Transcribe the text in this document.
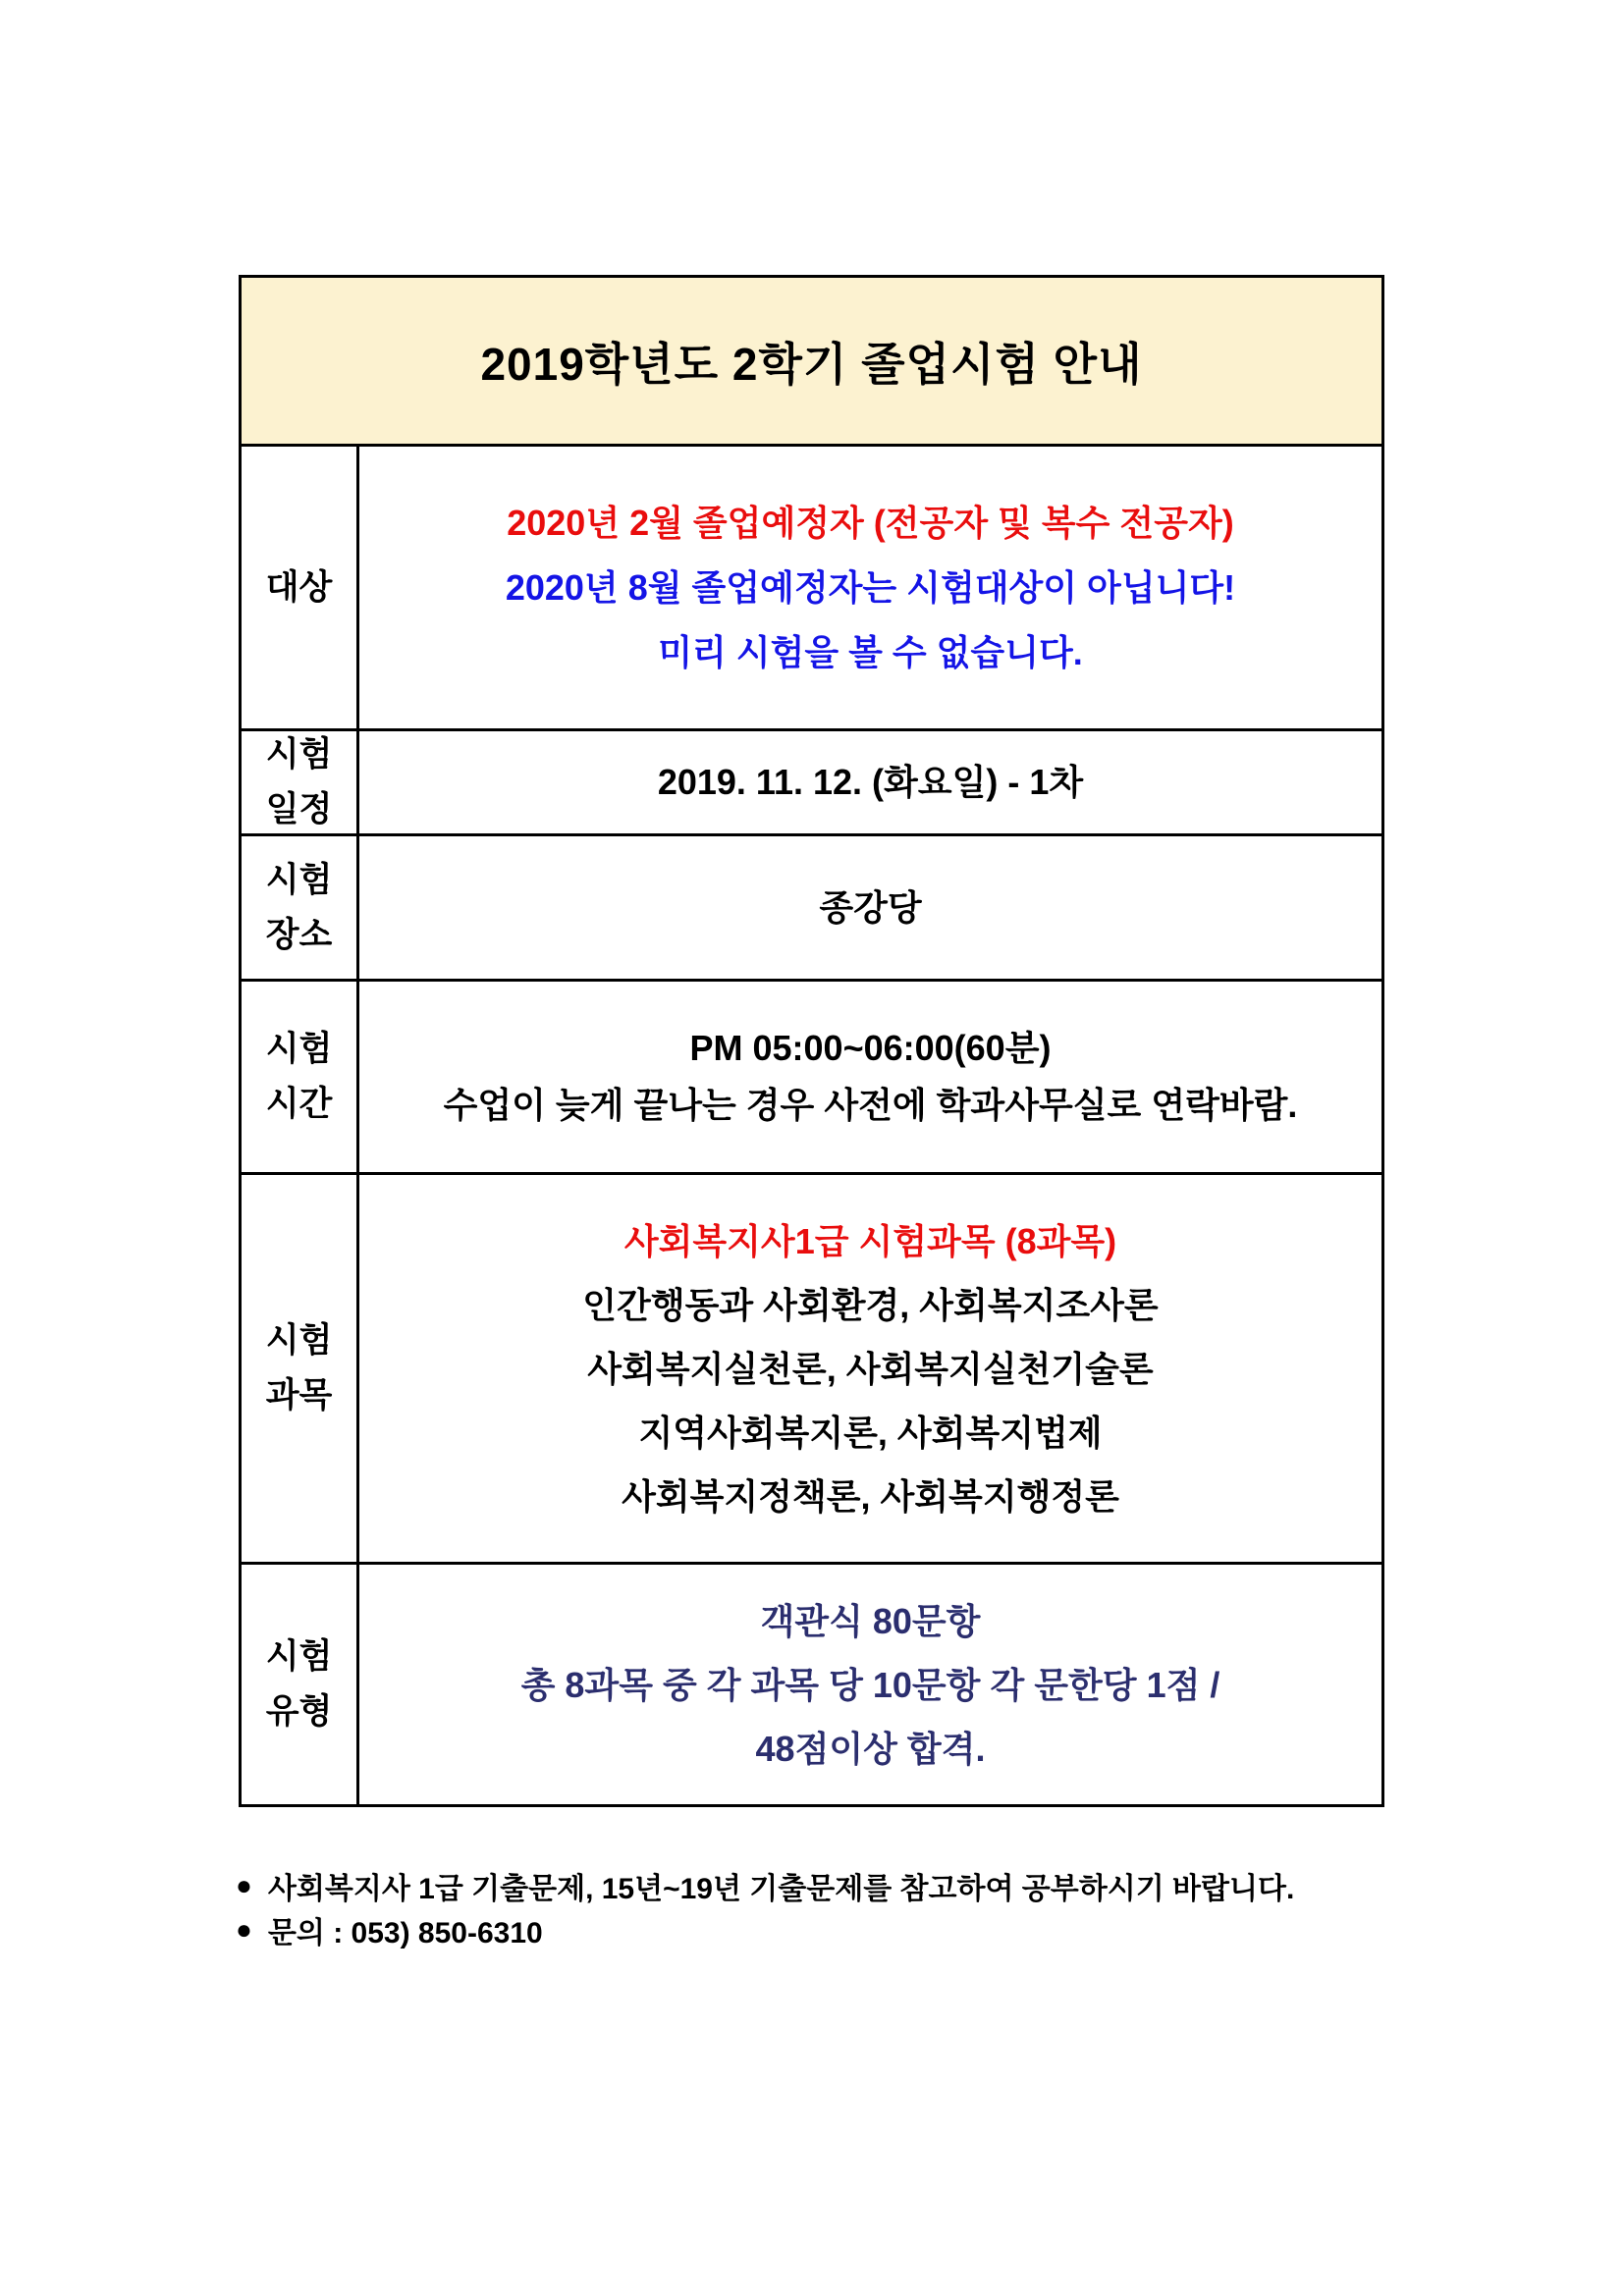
2019학년도 2학기 졸업시험 안내
대상
2020년 2월 졸업예정자 (전공자 및 복수 전공자)
2020년 8월 졸업예정자는 시험대상이 아닙니다!
미리 시험을 볼 수 없습니다.
시험
일정
2019. 11. 12. (화요일) - 1차
시험
장소
종강당
시험
시간
PM 05:00~06:00(60분)
수업이 늦게 끝나는 경우 사전에 학과사무실로 연락바람.
시험
과목
사회복지사1급 시험과목 (8과목)
인간행동과 사회환경, 사회복지조사론
사회복지실천론, 사회복지실천기술론
지역사회복지론, 사회복지법제
사회복지정책론, 사회복지행정론
시험
유형
객관식 80문항
총 8과목 중 각 과목 당 10문항 각 문한당 1점 /
48점이상 합격.
● 사회복지사 1급 기출문제, 15년~19년 기출문제를 참고하여 공부하시기 바랍니다.
● 문의 : 053) 850-6310
